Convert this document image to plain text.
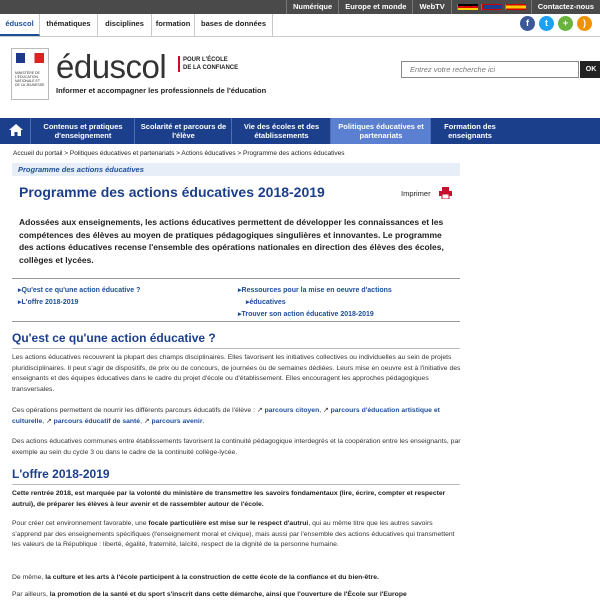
Numérique	Europe et monde	WebTV	Contactez-nous
éduscol	thématiques	disciplines	formation	bases de données	f	t	+	)
MINISTÈRE DE L'ÉDUCATION NATIONALE ET DE LA JEUNESSE éduscol	POUR L'ÉCOLE
DE LA CONFIANCE
Informer et accompagner les professionnels de l'éducation
Entrez votre recherche ici	OK
Contenus et pratiques d'enseignement
Scolarité et parcours de l'élève
Vie des écoles et des établissements
Politiques éducatives et partenariats
Formation des enseignants
Accueil du portail > Politiques éducatives et partenariats > Actions éducatives > Programme des actions éducatives
Programme des actions éducatives
Programme des actions éducatives 2018-2019	Imprimer
Adossées aux enseignements, les actions éducatives permettent de développer les connaissances et les compétences des élèves au moyen de pratiques pédagogiques singulières et innovantes. Le programme des actions éducatives recense l'ensemble des opérations nationales en direction des élèves des écoles, collèges et lycées.
▸ Qu'est ce qu'une action éducative ?
▸ L'offre 2018-2019
▸ Ressources pour la mise en oeuvre d'actions
▸ éducatives
▸ Trouver son action éducative 2018-2019
Qu'est ce qu'une action éducative ?
Les actions éducatives recouvrent la plupart des champs disciplinaires. Elles favorisent les initiatives collectives ou individuelles au sein de projets pluridisciplinaires. Il peut s'agir de dispositifs, de prix ou de concours, de journées ou de semaines dédiées. Leurs mise en oeuvre est à l'initiative des enseignants et des équipes éducatives dans le cadre du projet d'école ou d'établissement. Elles encouragent les approches pédagogiques transversales.
Ces opérations permettent de nourrir les différents parcours éducatifs de l'élève : ↗ parcours citoyen, ↗ parcours d'éducation artistique et culturelle, ↗ parcours éducatif de santé, ↗ parcours avenir.
Des actions éducatives communes entre établissements favorisent la continuité pédagogique interdegrés et la coopération entre les enseignants, par exemple au sein du cycle 3 ou dans le cadre de la continuité collège-lycée.
L'offre 2018-2019
Cette rentrée 2018, est marquée par la volonté du ministère de transmettre les savoirs fondamentaux (lire, écrire, compter et respecter autrui), de préparer les élèves à leur avenir et de rassembler autour de l'école.
Pour créer cet environnement favorable, une focale particulière est mise sur le respect d'autrui, qui au même titre que les autres savoirs s'apprend par des enseignements spécifiques (l'enseignement moral et civique), mais aussi par l'ensemble des actions éducatives qui transmettent les valeurs de la République : liberté, égalité, fraternité, laïcité, respect de la dignité de la personne humaine.
De même, la culture et les arts à l'école participent à la construction de cette école de la confiance et du bien-être.
Par ailleurs, la promotion de la santé et du sport s'inscrit dans cette démarche, ainsi que l'ouverture de l'École sur l'Europe
